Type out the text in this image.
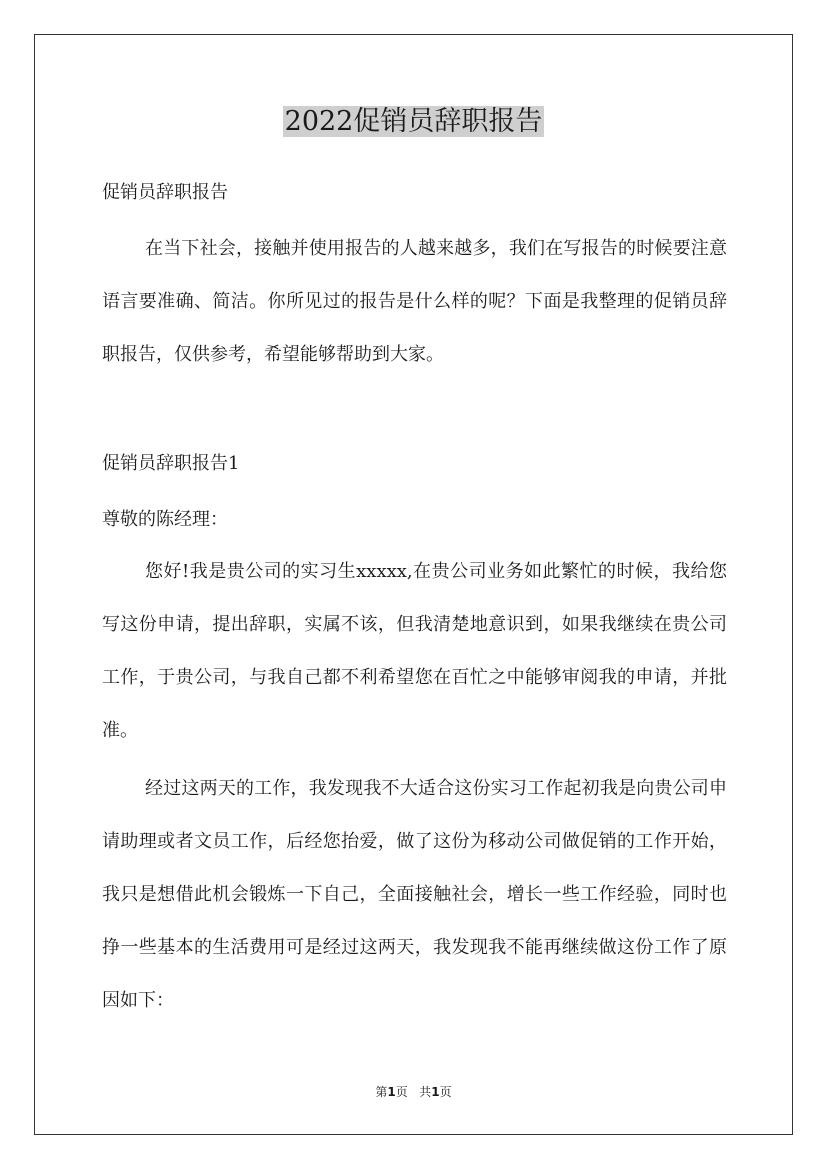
2022促销员辞职报告

促销员辞职报告

在当下社会，接触并使用报告的人越来越多，我们在写报告的时候要注意语言要准确、简洁。你所见过的报告是什么样的呢？下面是我整理的促销员辞职报告，仅供参考，希望能够帮助到大家。

促销员辞职报告1

尊敬的陈经理：

您好!我是贵公司的实习生xxxxx,在贵公司业务如此繁忙的时候，我给您写这份申请，提出辞职，实属不该，但我清楚地意识到，如果我继续在贵公司工作，于贵公司，与我自己都不利希望您在百忙之中能够审阅我的申请，并批准。

经过这两天的工作，我发现我不大适合这份实习工作起初我是向贵公司申请助理或者文员工作，后经您抬爱，做了这份为移动公司做促销的工作开始，我只是想借此机会锻炼一下自己，全面接触社会，增长一些工作经验，同时也挣一些基本的生活费用可是经过这两天，我发现我不能再继续做这份工作了原因如下：

第1页 共1页
